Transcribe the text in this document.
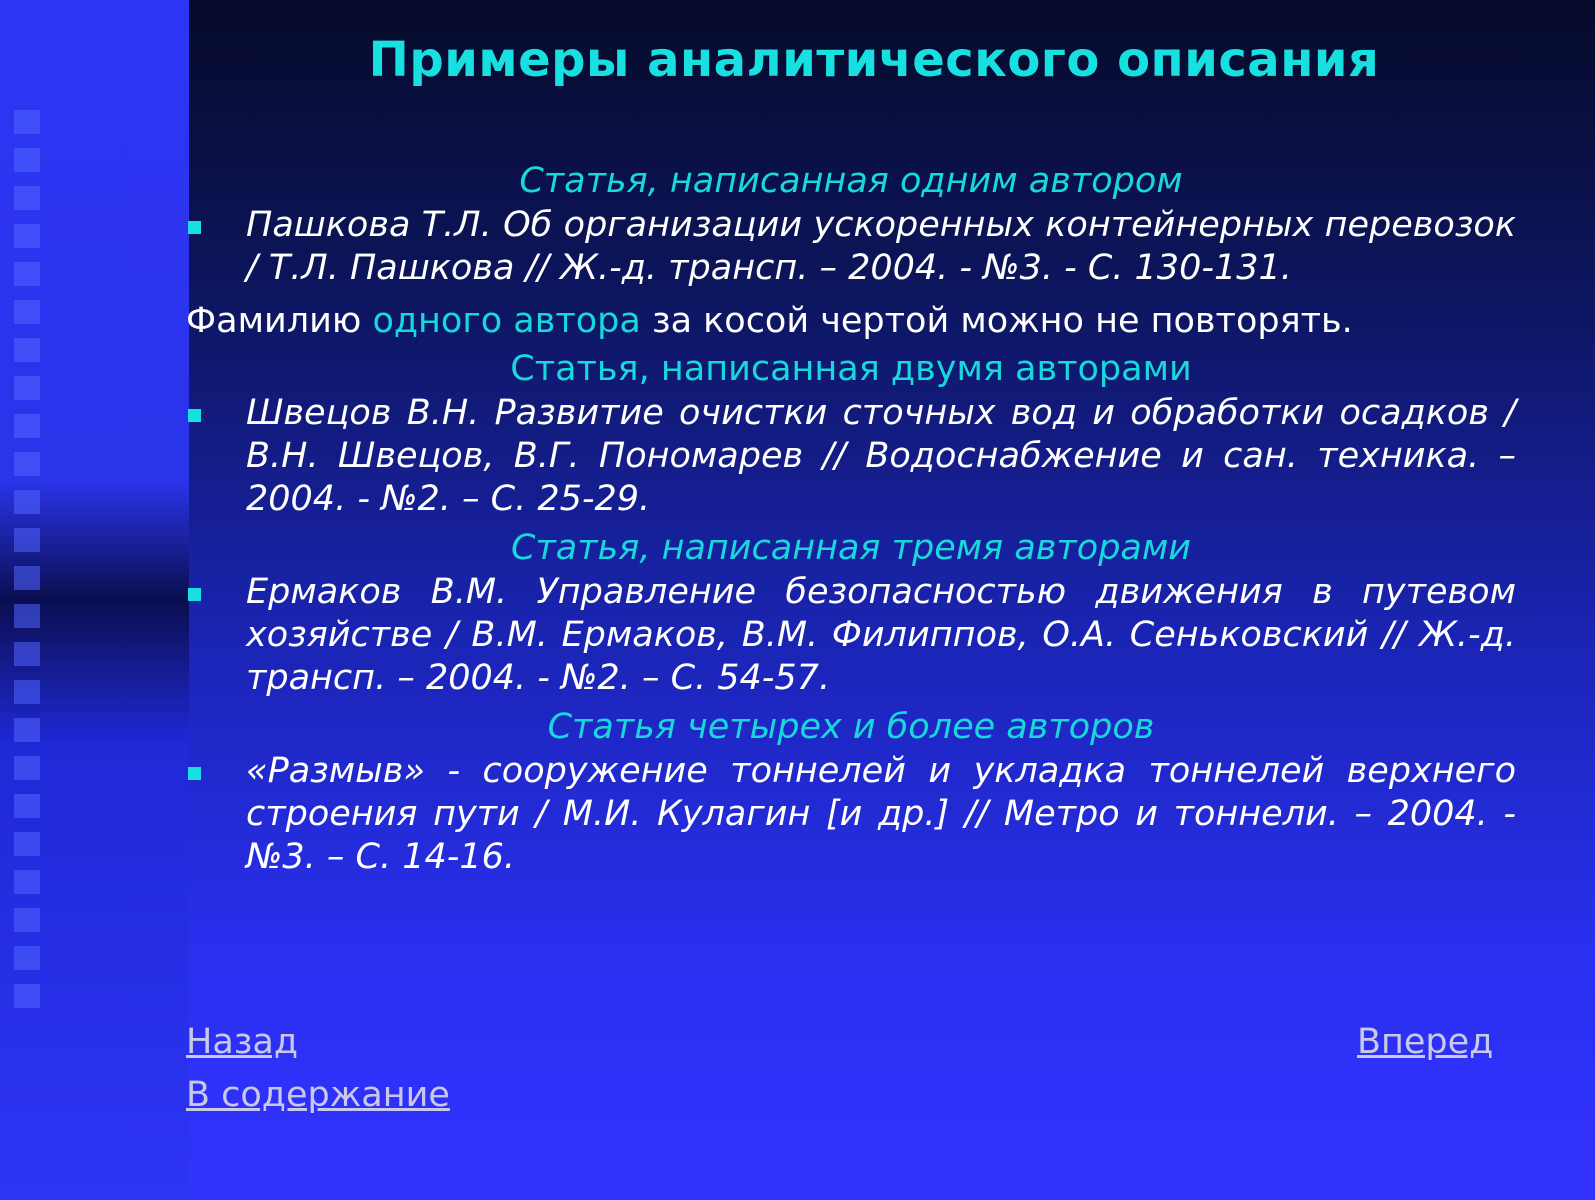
Примеры аналитического описания

Статья, написанная одним автором

Пашкова Т.Л. Об организации ускоренных контейнерных перевозок / Т.Л. Пашкова // Ж.-д. трансп. – 2004. - №3. - С. 130-131.

Фамилию одного автора за косой чертой можно не повторять.

Статья, написанная двумя авторами

Швецов В.Н. Развитие очистки сточных вод и обработки осадков / В.Н. Швецов, В.Г. Пономарев // Водоснабжение и сан. техника. – 2004. - №2. – С. 25-29.

Статья, написанная тремя авторами

Ермаков В.М. Управление безопасностью движения в путевом хозяйстве / В.М. Ермаков, В.М. Филиппов, О.А. Сеньковский // Ж.-д. трансп. – 2004. - №2. – С. 54-57.

Статья четырех и более авторов

«Размыв» - сооружение тоннелей и укладка тоннелей верхнего строения пути / М.И. Кулагин [и др.] // Метро и тоннели. – 2004. - №3. – С. 14-16.
Назад
В содержание
Вперед
